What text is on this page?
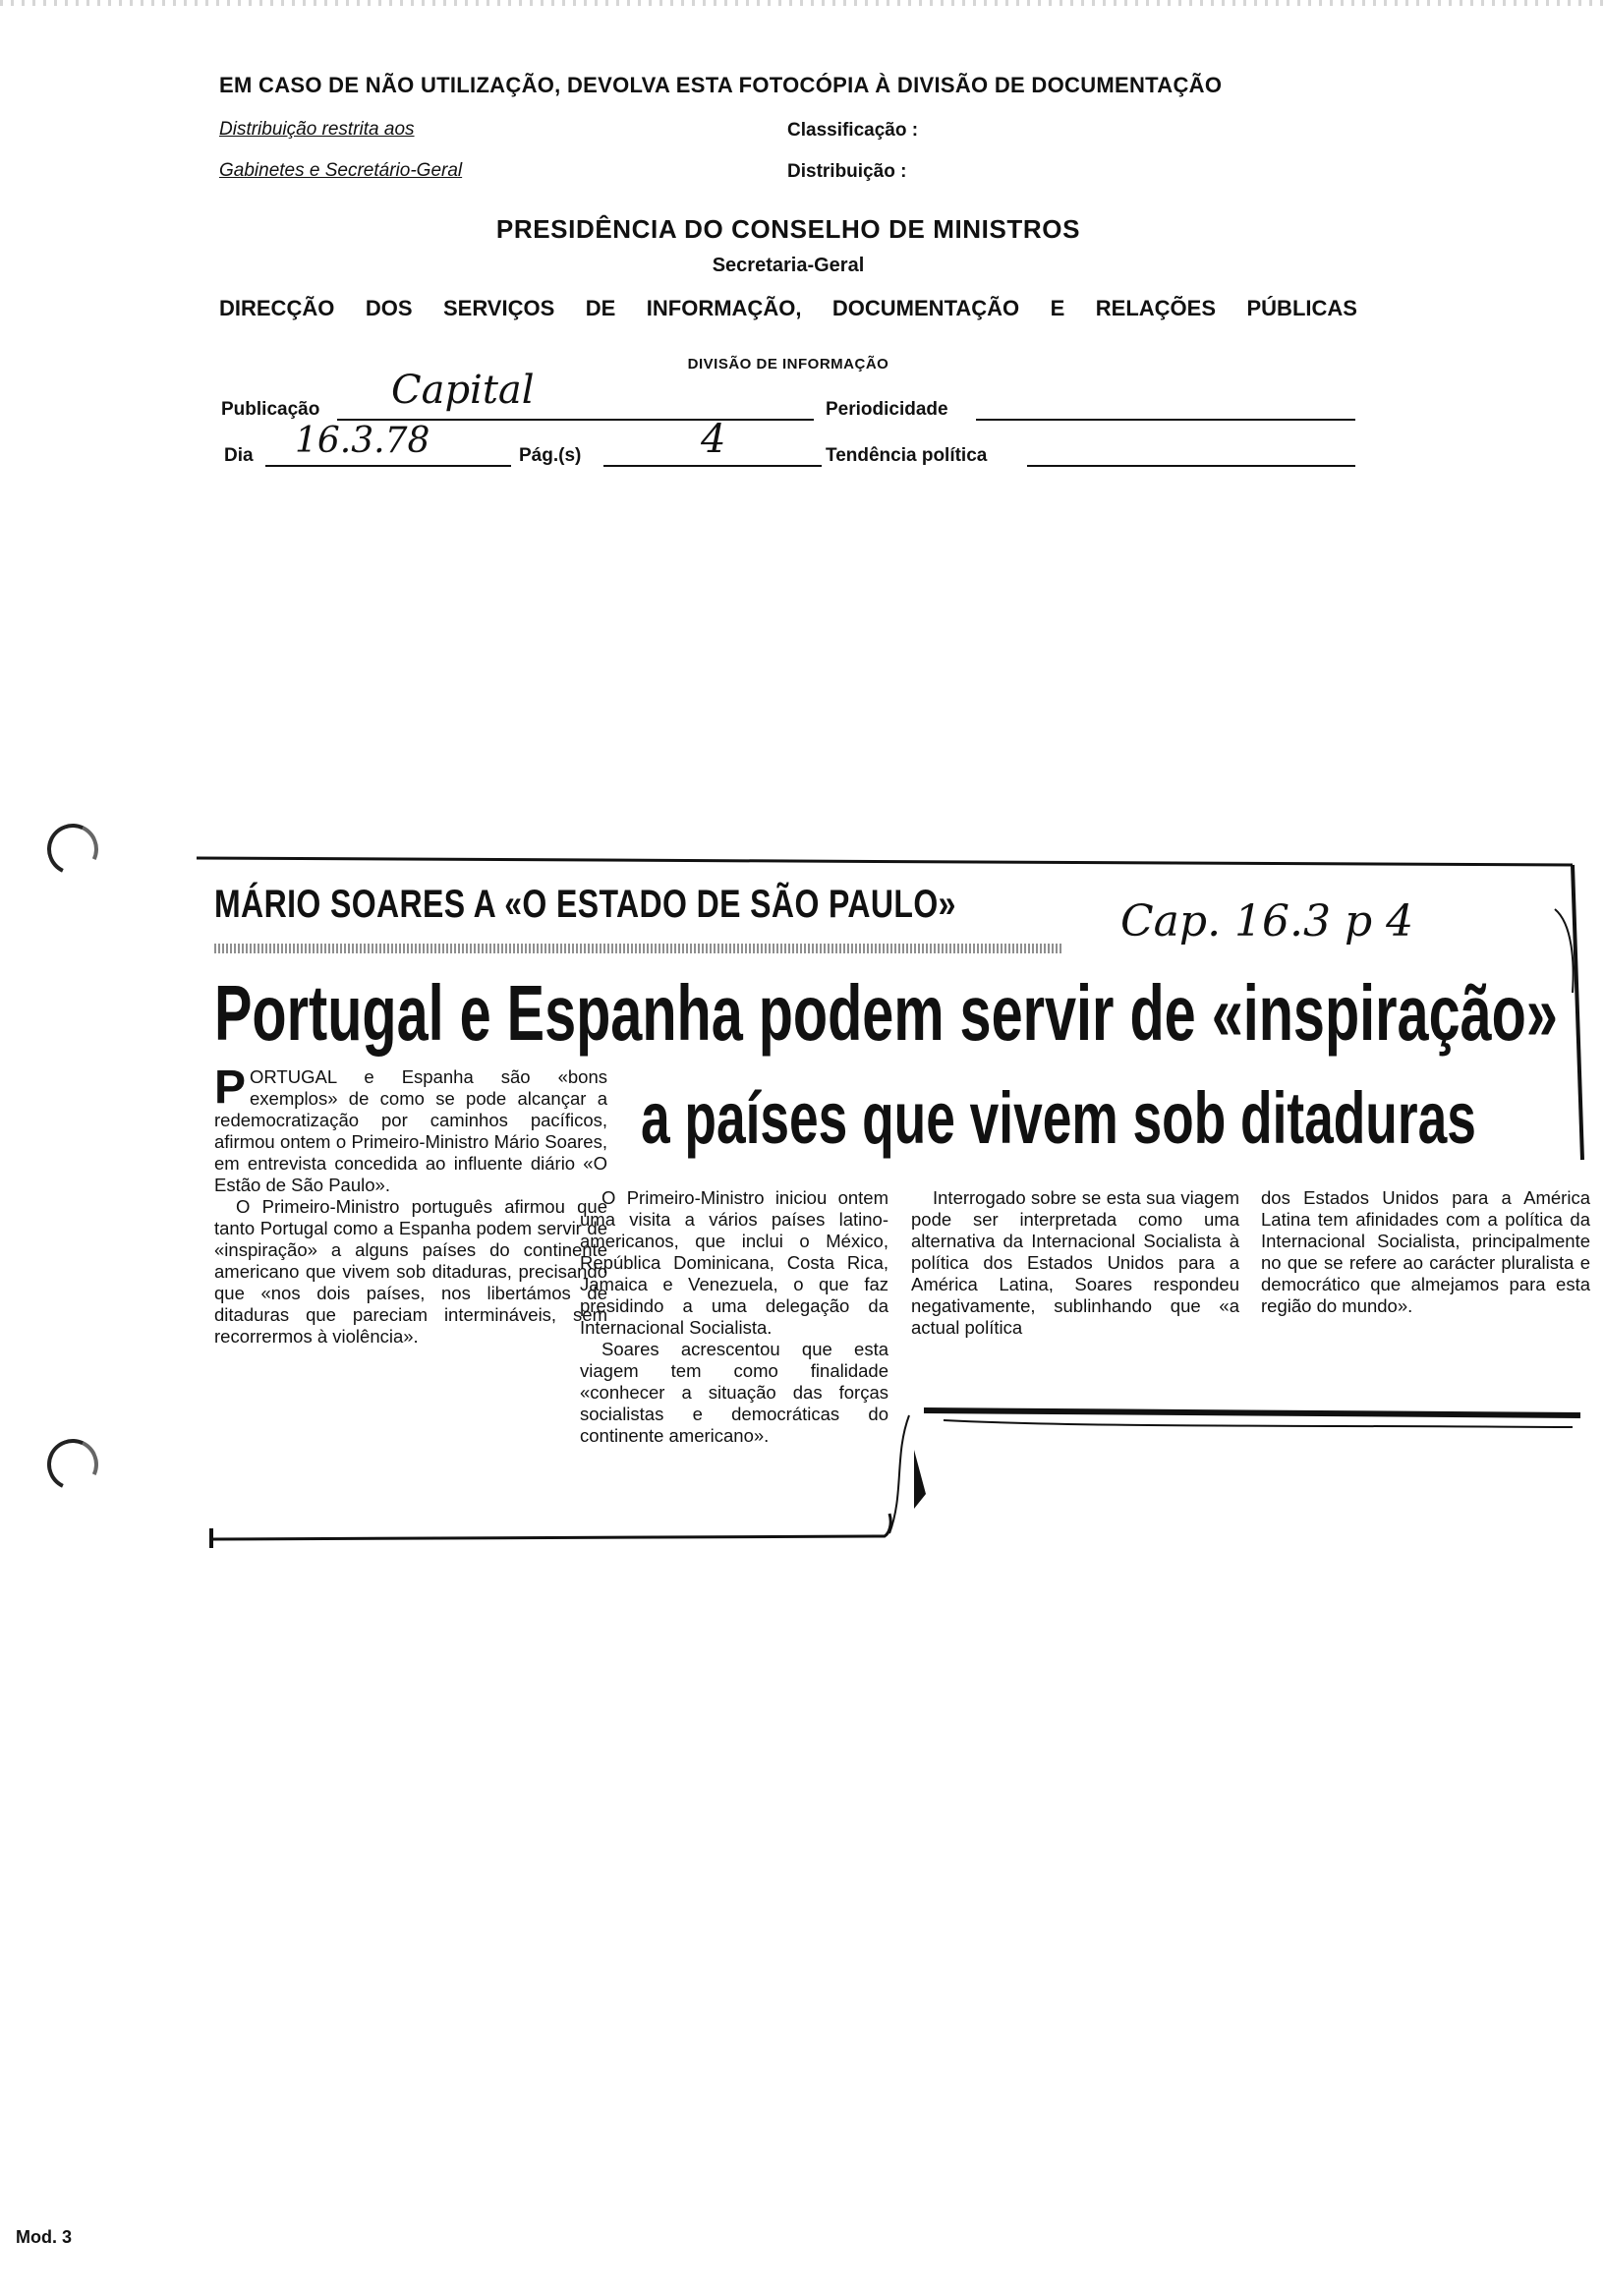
EM CASO DE NÃO UTILIZAÇÃO, DEVOLVA ESTA FOTOCÓPIA À DIVISÃO DE DOCUMENTAÇÃO
Distribuição restrita aos
Gabinetes e Secretário-Geral
Classificação :
Distribuição :
PRESIDÊNCIA DO CONSELHO DE MINISTROS
Secretaria-Geral
DIRECÇÃO DOS SERVIÇOS DE INFORMAÇÃO, DOCUMENTAÇÃO E RELAÇÕES PÚBLICAS
DIVISÃO DE INFORMAÇÃO
Publicação Capital	Periodicidade
Dia 16.3.78	Pág.(s)	4	Tendência política
MÁRIO SOARES A «O ESTADO DE SÃO PAULO»	Cap. 16.3 p 4
Portugal e Espanha podem servir de «inspiração»
a países que vivem sob ditaduras

PORTUGAL e Espanha são «bons exemplos» de como se pode alcançar a redemocratização por caminhos pacíficos, afirmou ontem o Primeiro-Ministro Mário Soares, em entrevista concedida ao influente diário «O Estão de São Paulo».

O Primeiro-Ministro português afirmou que tanto Portugal como a Espanha podem servir de «inspiração» a alguns países do continente americano que vivem sob ditaduras, precisando que «nos dois países, nos libertámos de ditaduras que pareciam intermináveis, sem recorrermos à violência».

O Primeiro-Ministro iniciou ontem uma visita a vários países latino-americanos, que inclui o México, República Dominicana, Costa Rica, Jamaica e Venezuela, o que faz presidindo a uma delegação da Internacional Socialista.

Soares acrescentou que esta viagem tem como finalidade «conhecer a situação das forças socialistas e democráticas do continente americano».

Interrogado sobre se esta sua viagem pode ser interpretada como uma alternativa da Internacional Socialista à política dos Estados Unidos para a América Latina, Soares respondeu negativamente, sublinhando que «a actual política

dos Estados Unidos para a América Latina tem afinidades com a política da Internacional Socialista, principalmente no que se refere ao carácter pluralista e democrático que almejamos para esta região do mundo».

Mod. 3
